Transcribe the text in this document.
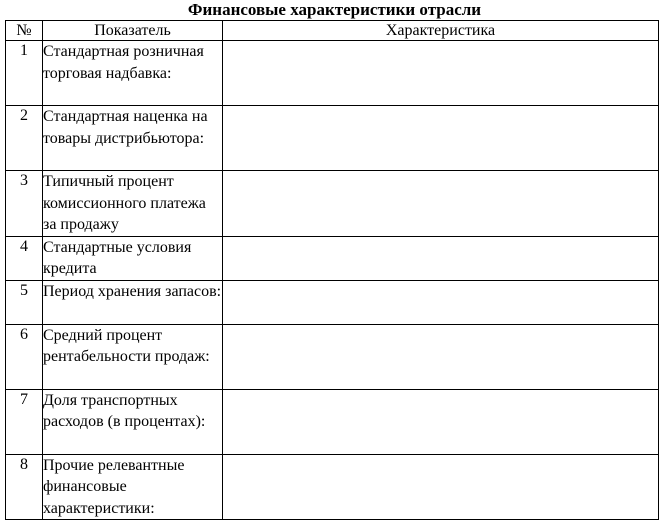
Финансовые характеристики отрасли
№	Показатель	Характеристика
1	Стандартная розничная торговая надбавка:	
2	Стандартная наценка на товары дистрибьютора:	
3	Типичный процент комиссионного платежа за продажу	
4	Стандартные условия кредита	
5	Период хранения запасов:	
6	Средний процент рентабельности продаж:	
7	Доля транспортных расходов (в процентах):	
8	Прочие релевантные финансовые характеристики:	
